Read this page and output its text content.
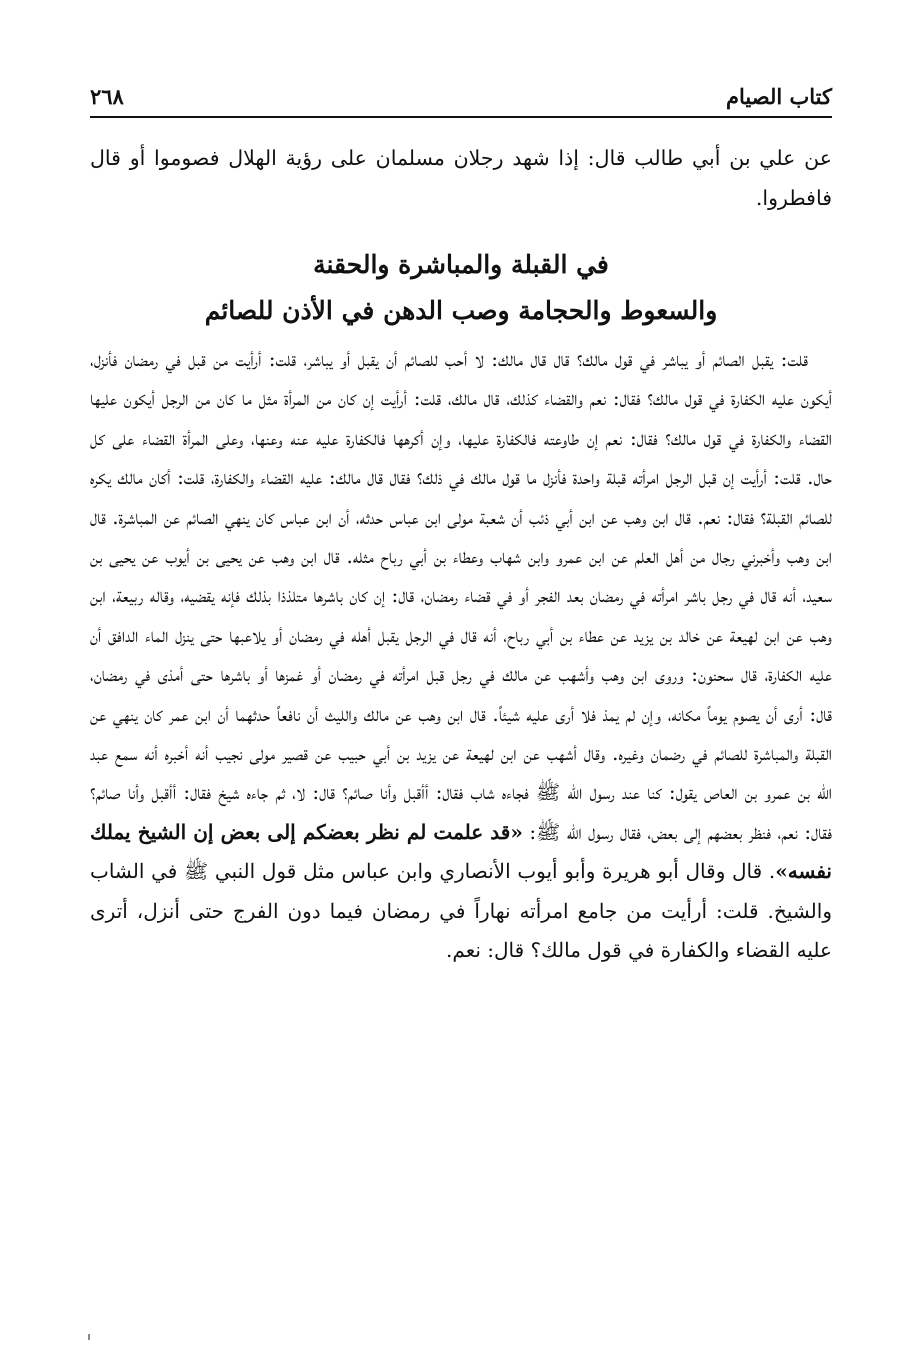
كتاب الصيام
٢٦٨

عن علي بن أبي طالب قال: إذا شهد رجلان مسلمان على رؤية الهلال فصوموا أو قال فافطروا.

في القبلة والمباشرة والحقنة
والسعوط والحجامة وصب الدهن في الأذن للصائم

قلت: يقبل الصائم أو يباشر في قول مالك؟ قال قال مالك: لا أحب للصائم أن يقبل أو يباشر، قلت: أرأيت من قبل في رمضان فأنزل، أيكون عليه الكفارة في قول مالك؟ فقال: نعم والقضاء كذلك، قال مالك، قلت: أرأيت إن كان من المرأة مثل ما كان من الرجل أيكون عليها القضاء والكفارة في قول مالك؟ فقال: نعم إن طاوعته فالكفارة عليها، وإن أكرهها فالكفارة عليه عنه وعنها، وعلى المرأة القضاء على كل حال. قلت: أرأيت إن قبل الرجل امرأته قبلة واحدة فأنزل ما قول مالك في ذلك؟ فقال قال مالك: عليه القضاء والكفارة، قلت: أكان مالك يكره للصائم القبلة؟ فقال: نعم. قال ابن وهب عن ابن أبي ذئب أن شعبة مولى ابن عباس حدثه، أن ابن عباس كان ينهي الصائم عن المباشرة. قال ابن وهب وأخبرني رجال من أهل العلم عن ابن عمرو وابن شهاب وعطاء بن أبي رباح مثله. قال ابن وهب عن يحيى بن أيوب عن يحيى بن سعيد، أنه قال في رجل باشر امرأته في رمضان بعد الفجر أو في قضاء رمضان، قال: إن كان باشرها متلذذا بذلك فإنه يقضيه، وقاله ربيعة، ابن وهب عن ابن لهيعة عن خالد بن يزيد عن عطاء بن أبي رباح، أنه قال في الرجل يقبل أهله في رمضان أو يلاعبها حتى ينزل الماء الدافق أن عليه الكفارة، قال سحنون: وروى ابن وهب وأشهب عن مالك في رجل قبل امرأته في رمضان أو غمزها أو باشرها حتى أمذى في رمضان، قال: أرى أن يصوم يوماً مكانه، وإن لم يمذ فلا أرى عليه شيئاً. قال ابن وهب عن مالك والليث أن نافعاً حدثهما أن ابن عمر كان ينهي عن القبلة والمباشرة للصائم في رضمان وغيره. وقال أشهب عن ابن لهيعة عن يزيد بن أبي حبيب عن قصير مولى نجيب أنه أخبره أنه سمع عبد الله بن عمرو بن العاص يقول: كنا عند رسول الله ﷺ فجاءه شاب فقال: أأقبل وأنا صائم؟ قال: لا، ثم جاءه شيخ فقال: أأقبل وأنا صائم؟ فقال: نعم، فنظر بعضهم إلى بعض، فقال رسول الله ﷺ: «قد علمت لم نظر بعضكم إلى بعض إن الشيخ يملك نفسه». قال وقال أبو هريرة وأبو أيوب الأنصاري وابن عباس مثل قول النبي ﷺ في الشاب والشيخ. قلت: أرأيت من جامع امرأته نهاراً في رمضان فيما دون الفرج حتى أنزل، أترى عليه القضاء والكفارة في قول مالك؟ قال: نعم.
